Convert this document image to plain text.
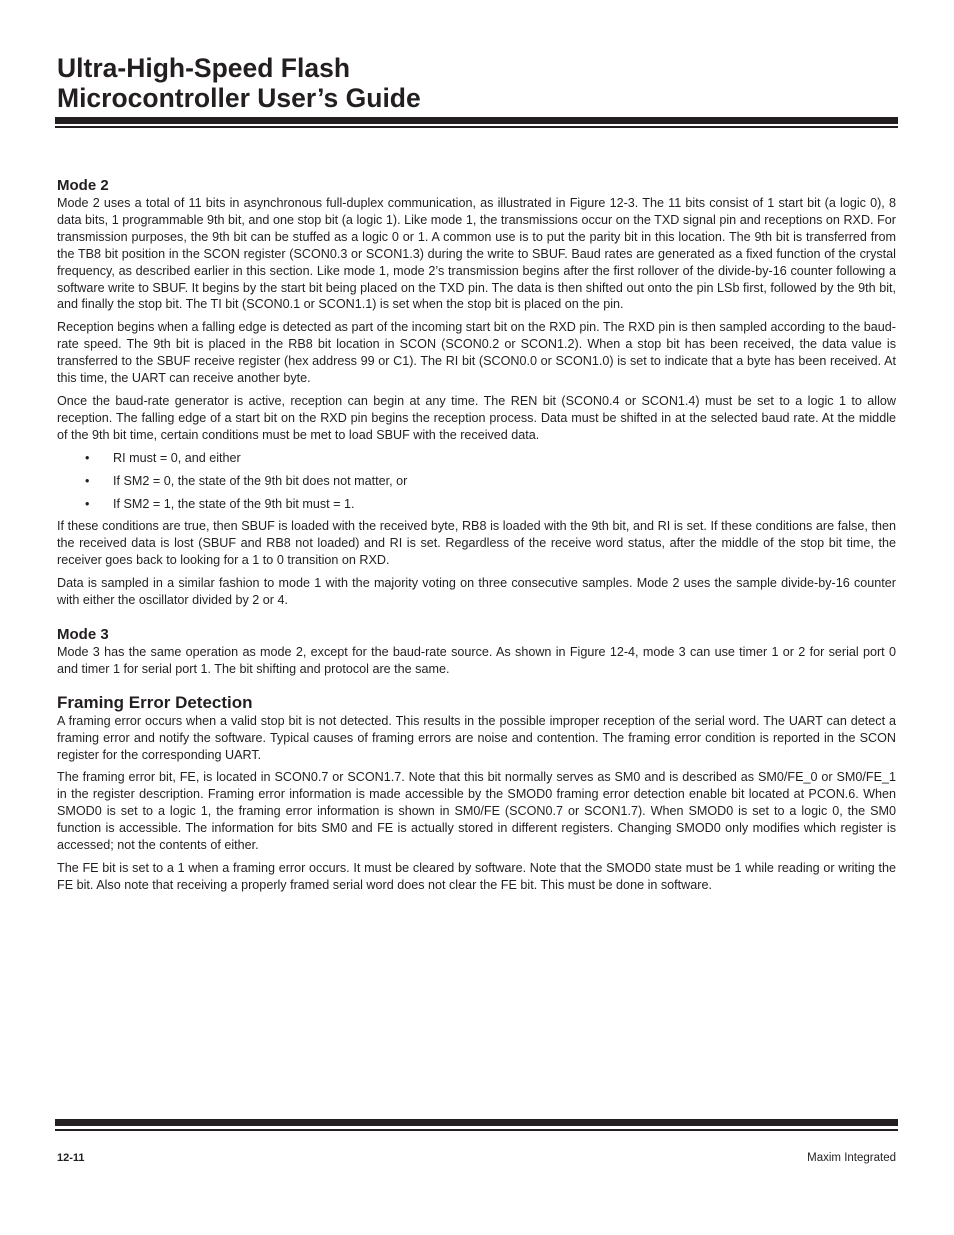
Ultra-High-Speed Flash
Microcontroller User’s Guide
Mode 2

Mode 2 uses a total of 11 bits in asynchronous full-duplex communication, as illustrated in Figure 12-3. The 11 bits consist of 1 start bit (a logic 0), 8 data bits, 1 programmable 9th bit, and one stop bit (a logic 1). Like mode 1, the transmissions occur on the TXD signal pin and receptions on RXD. For transmission purposes, the 9th bit can be stuffed as a logic 0 or 1. A common use is to put the parity bit in this location. The 9th bit is transferred from the TB8 bit position in the SCON register (SCON0.3 or SCON1.3) during the write to SBUF. Baud rates are generated as a fixed function of the crystal frequency, as described earlier in this section. Like mode 1, mode 2’s transmission begins after the first rollover of the divide-by-16 counter following a software write to SBUF. It begins by the start bit being placed on the TXD pin. The data is then shifted out onto the pin LSb first, followed by the 9th bit, and finally the stop bit. The TI bit (SCON0.1 or SCON1.1) is set when the stop bit is placed on the pin.

Reception begins when a falling edge is detected as part of the incoming start bit on the RXD pin. The RXD pin is then sampled according to the baud-rate speed. The 9th bit is placed in the RB8 bit location in SCON (SCON0.2 or SCON1.2). When a stop bit has been received, the data value is transferred to the SBUF receive register (hex address 99 or C1). The RI bit (SCON0.0 or SCON1.0) is set to indicate that a byte has been received. At this time, the UART can receive another byte.

Once the baud-rate generator is active, reception can begin at any time. The REN bit (SCON0.4 or SCON1.4) must be set to a logic 1 to allow reception. The falling edge of a start bit on the RXD pin begins the reception process. Data must be shifted in at the selected baud rate. At the middle of the 9th bit time, certain conditions must be met to load SBUF with the received data.

• RI must = 0, and either
• If SM2 = 0, the state of the 9th bit does not matter, or
• If SM2 = 1, the state of the 9th bit must = 1.

If these conditions are true, then SBUF is loaded with the received byte, RB8 is loaded with the 9th bit, and RI is set. If these conditions are false, then the received data is lost (SBUF and RB8 not loaded) and RI is set. Regardless of the receive word status, after the middle of the stop bit time, the receiver goes back to looking for a 1 to 0 transition on RXD.

Data is sampled in a similar fashion to mode 1 with the majority voting on three consecutive samples. Mode 2 uses the sample divide-by-16 counter with either the oscillator divided by 2 or 4.

Mode 3

Mode 3 has the same operation as mode 2, except for the baud-rate source. As shown in Figure 12-4, mode 3 can use timer 1 or 2 for serial port 0 and timer 1 for serial port 1. The bit shifting and protocol are the same.

Framing Error Detection

A framing error occurs when a valid stop bit is not detected. This results in the possible improper reception of the serial word. The UART can detect a framing error and notify the software. Typical causes of framing errors are noise and contention. The framing error condition is reported in the SCON register for the corresponding UART.

The framing error bit, FE, is located in SCON0.7 or SCON1.7. Note that this bit normally serves as SM0 and is described as SM0/FE_0 or SM0/FE_1 in the register description. Framing error information is made accessible by the SMOD0 framing error detection enable bit located at PCON.6. When SMOD0 is set to a logic 1, the framing error information is shown in SM0/FE (SCON0.7 or SCON1.7). When SMOD0 is set to a logic 0, the SM0 function is accessible. The information for bits SM0 and FE is actually stored in different registers. Changing SMOD0 only modifies which register is accessed; not the contents of either.

The FE bit is set to a 1 when a framing error occurs. It must be cleared by software. Note that the SMOD0 state must be 1 while reading or writing the FE bit. Also note that receiving a properly framed serial word does not clear the FE bit. This must be done in software.

12-11	Maxim Integrated
